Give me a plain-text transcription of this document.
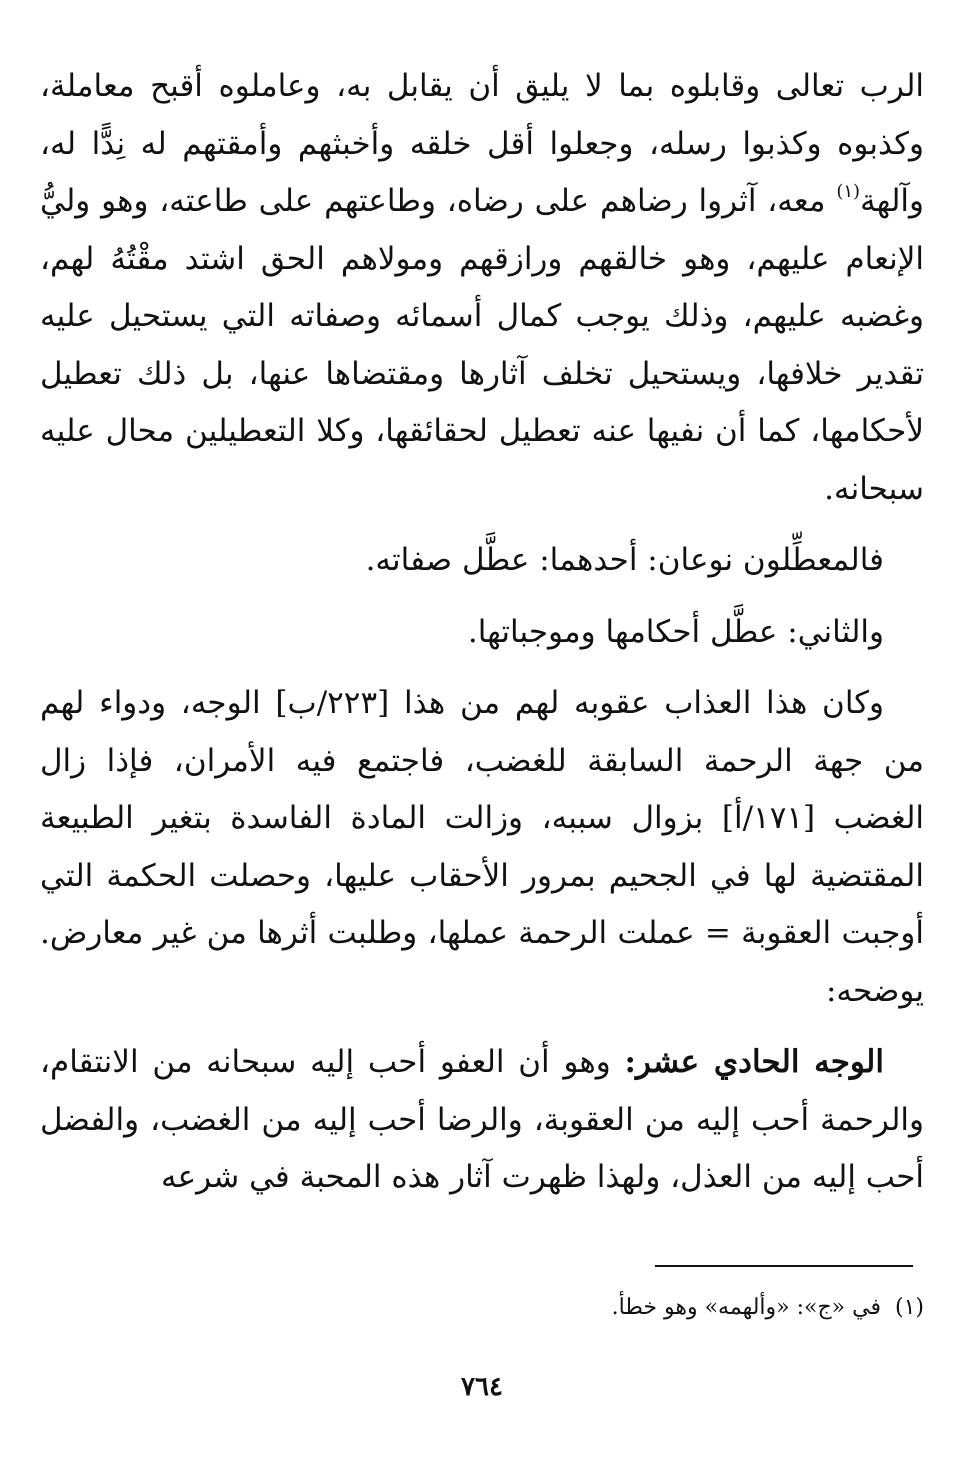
الرب تعالى وقابلوه بما لا يليق أن يقابل به، وعاملوه أقبح معاملة، وكذبوه وكذبوا رسله، وجعلوا أقل خلقه وأخبثهم وأمقتهم له نِدًّا له، وآلهة$^{(١)}$ معه، آثروا رضاهم على رضاه، وطاعتهم على طاعته، وهو وليُّ الإنعام عليهم، وهو خالقهم ورازقهم ومولاهم الحق اشتد مقْتُهُ لهم، وغضبه عليهم، وذلك يوجب كمال أسمائه وصفاته التي يستحيل عليه تقدير خلافها، ويستحيل تخلف آثارها ومقتضاها عنها، بل ذلك تعطيل لأحكامها، كما أن نفيها عنه تعطيل لحقائقها، وكلا التعطيلين محال عليه سبحانه.

فالمعطِّلون نوعان: أحدهما: عطَّل صفاته.

والثاني: عطَّل أحكامها وموجباتها.

وكان هذا العذاب عقوبه لهم من هذا [٢٢٣/ب] الوجه، ودواء لهم من جهة الرحمة السابقة للغضب، فاجتمع فيه الأمران، فإذا زال الغضب [١٧١/أ] بزوال سببه، وزالت المادة الفاسدة بتغير الطبيعة المقتضية لها في الجحيم بمرور الأحقاب عليها، وحصلت الحكمة التي أوجبت العقوبة = عملت الرحمة عملها، وطلبت أثرها من غير معارض. يوضحه:

الوجه الحادي عشر: وهو أن العفو أحب إليه سبحانه من الانتقام، والرحمة أحب إليه من العقوبة، والرضا أحب إليه من الغضب، والفضل أحب إليه من العذل، ولهذا ظهرت آثار هذه المحبة في شرعه

(١)في «ج»: «وألهمه» وهو خطأ.
٧٦٤
